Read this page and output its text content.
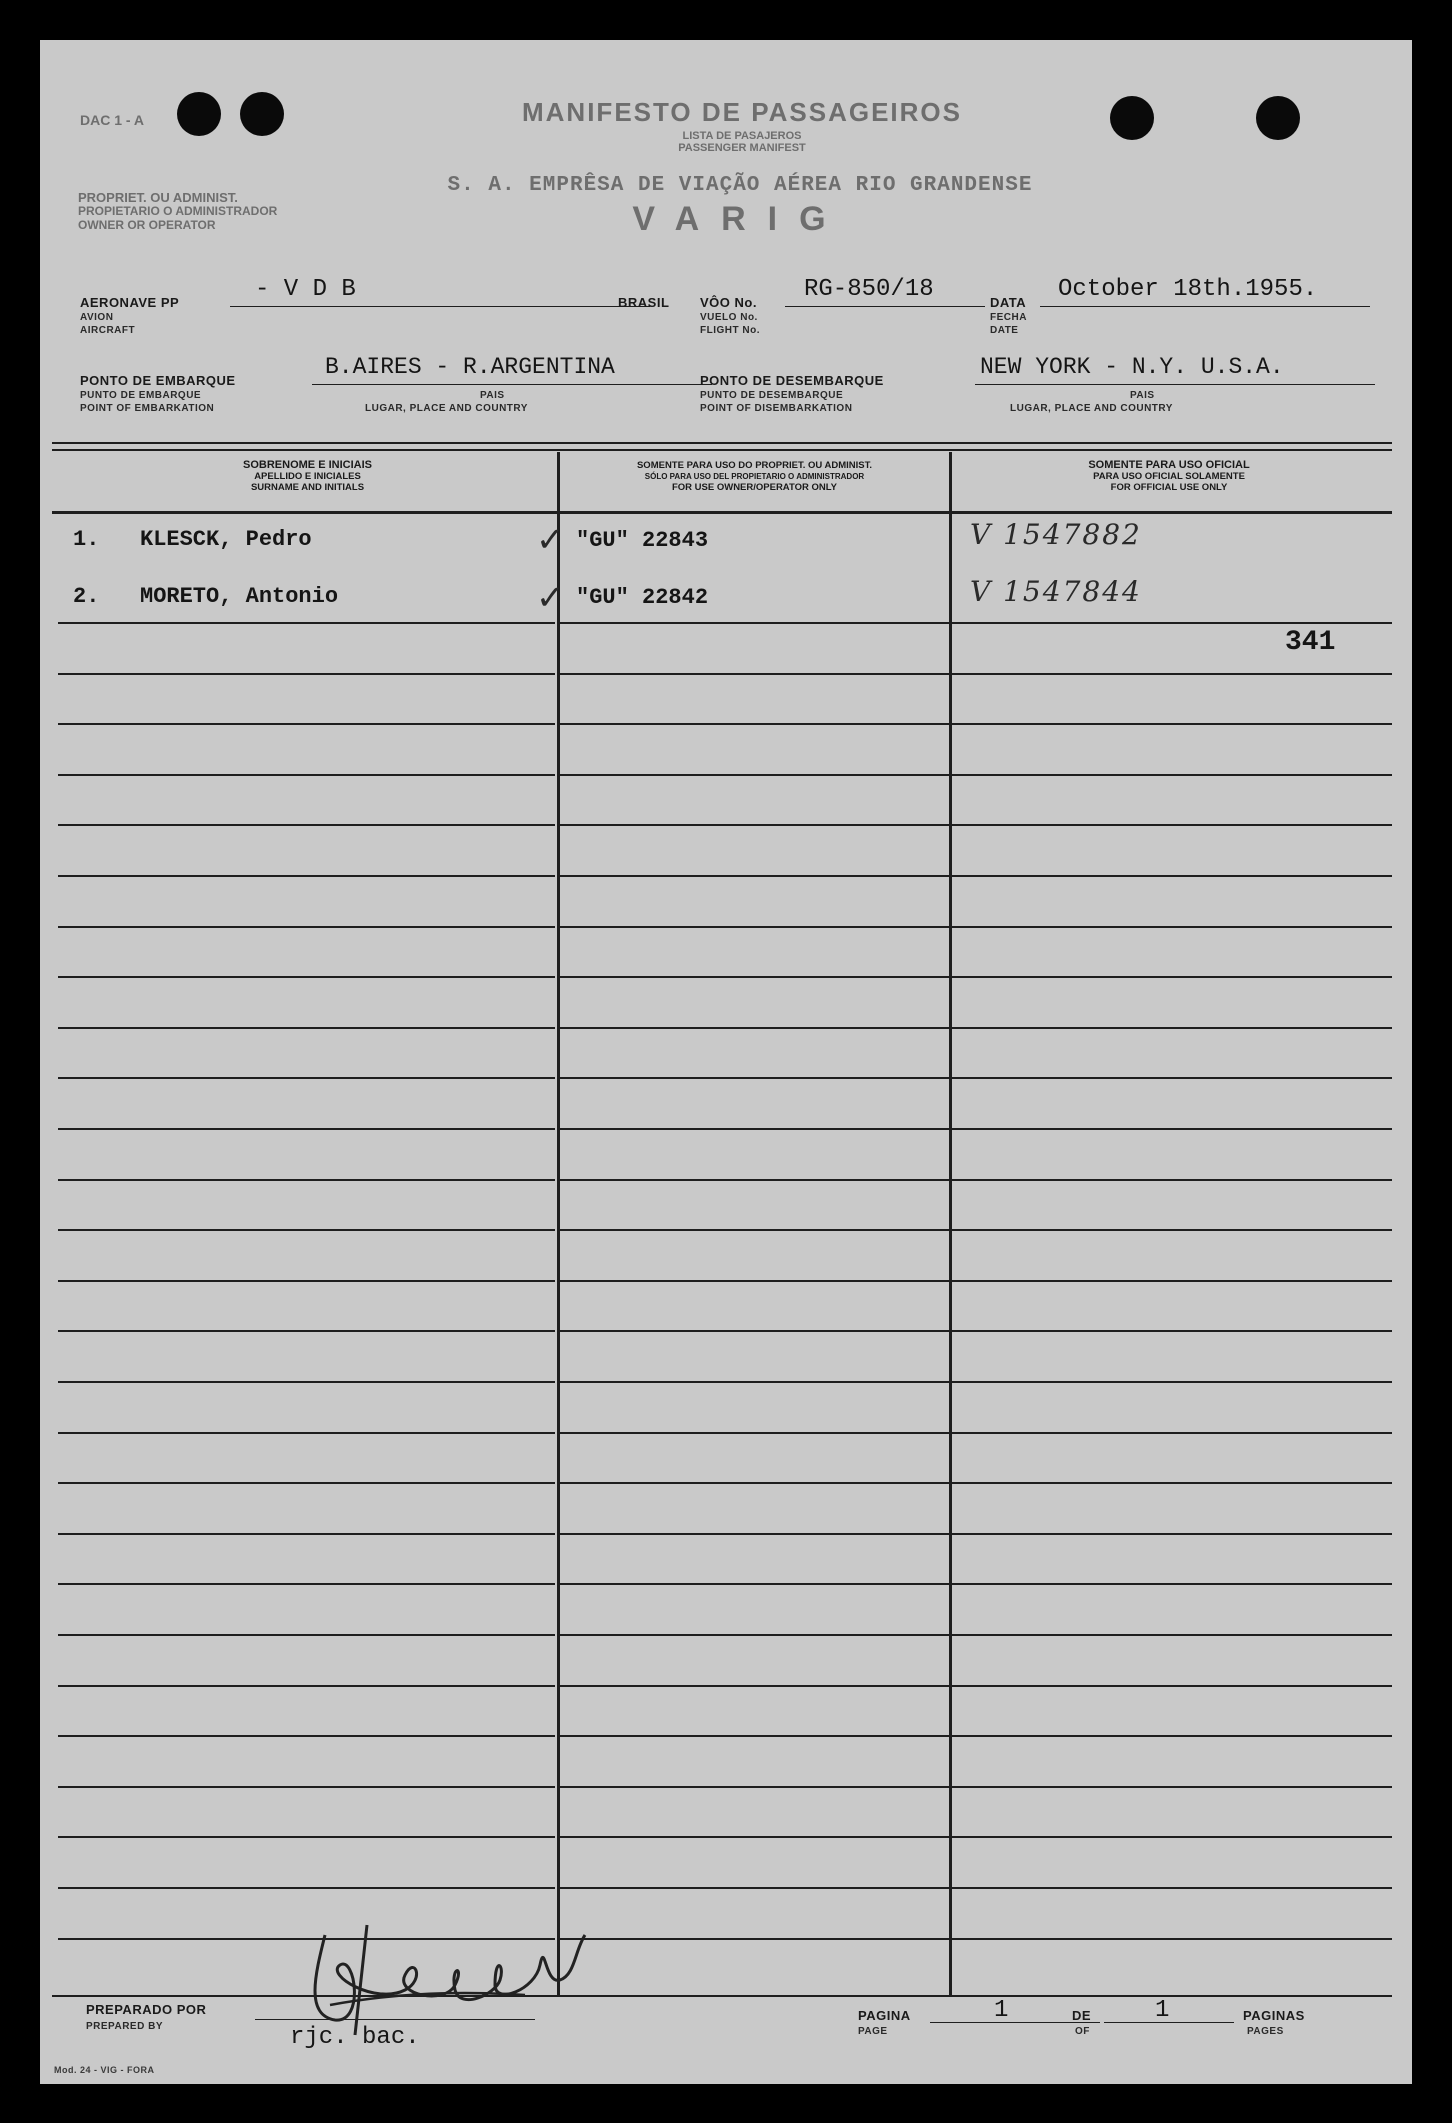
DAC 1 - A	MANIFESTO DE PASSAGEIROS
LISTA DE PASAJEROS
PASSENGER MANIFEST
PROPRIET. OU ADMINIST.
PROPIETARIO O ADMINISTRADOR
OWNER OR OPERATOR
S. A. EMPRÊSA DE VIAÇÃO AÉREA RIO GRANDENSE
VARIG
AERONAVE PP
AVION
AIRCRAFT
- V D B	BRASIL VÔO No.
VUELO No.
FLIGHT No.
RG-850/18	DATA
FECHA
DATE
October 18th.1955.
PONTO DE EMBARQUE
PUNTO DE EMBARQUE
POINT OF EMBARKATION
B.AIRES - R.ARGENTINA
PAIS
LUGAR, PLACE AND COUNTRY
PONTO DE DESEMBARQUE
PUNTO DE DESEMBARQUE
POINT OF DISEMBARKATION
NEW YORK - N.Y. U.S.A.
PAIS
LUGAR, PLACE AND COUNTRY
SOBRENOME E INICIAIS
APELLIDO E INICIALES
SURNAME AND INITIALS
SOMENTE PARA USO DO PROPRIET. OU ADMINIST.
SÓLO PARA USO DEL PROPIETARIO O ADMINISTRADOR
FOR USE OWNER/OPERATOR ONLY
SOMENTE PARA USO OFICIAL
PARA USO OFICIAL SOLAMENTE
FOR OFFICIAL USE ONLY
1. KLESCK, Pedro	"GU" 22843	V 1547882
✓
2. MORETO, Antonio	"GU" 22842	V 1547844
✓
341
PREPARADO POR
PREPARED BY	rjc. bac.
PAGINA
PAGE
1	DE
OF
1	PAGINAS
PAGES
Mod. 24 - VIG - FORA
